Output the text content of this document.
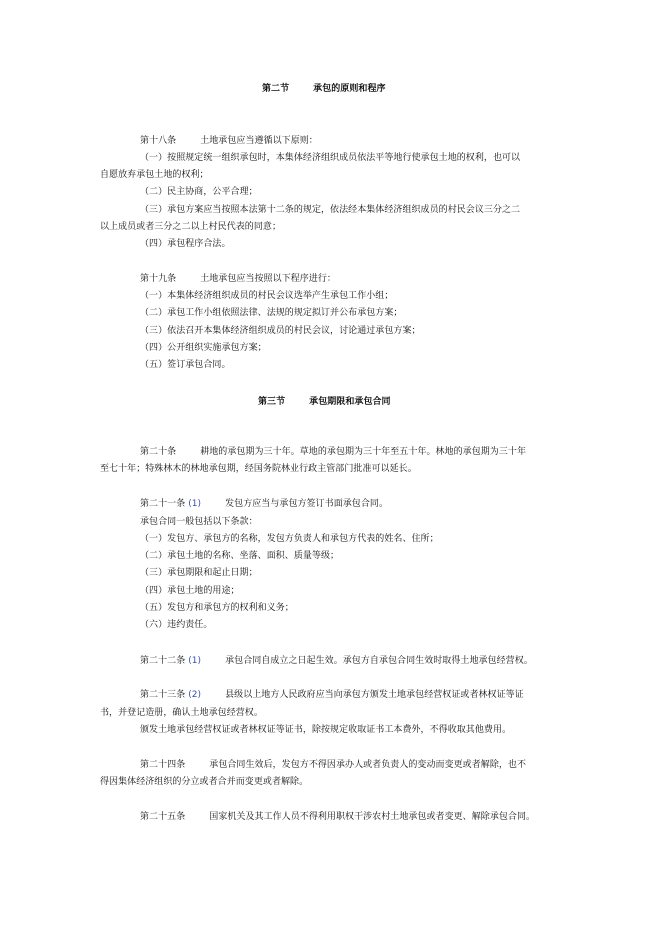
第二节	承包的原则和程序
第十八条	土地承包应当遵循以下原则：
（一）按照规定统一组织承包时，本集体经济组织成员依法平等地行使承包土地的权利，也可以
自愿放弃承包土地的权利；
（二）民主协商，公平合理；
（三）承包方案应当按照本法第十二条的规定，依法经本集体经济组织成员的村民会议三分之二
以上成员或者三分之二以上村民代表的同意；
（四）承包程序合法。
第十九条	土地承包应当按照以下程序进行：
（一）本集体经济组织成员的村民会议选举产生承包工作小组；
（二）承包工作小组依照法律、法规的规定拟订并公布承包方案；
（三）依法召开本集体经济组织成员的村民会议，讨论通过承包方案；
（四）公开组织实施承包方案；
（五）签订承包合同。
第三节	承包期限和承包合同
第二十条	耕地的承包期为三十年。草地的承包期为三十年至五十年。林地的承包期为三十年
至七十年；特殊林木的林地承包期，经国务院林业行政主管部门批准可以延长。
第二十一条 (1)	发包方应当与承包方签订书面承包合同。
承包合同一般包括以下条款：
（一）发包方、承包方的名称，发包方负责人和承包方代表的姓名、住所；
（二）承包土地的名称、坐落、面积、质量等级；
（三）承包期限和起止日期；
（四）承包土地的用途；
（五）发包方和承包方的权利和义务；
（六）违约责任。
第二十二条 (1)	承包合同自成立之日起生效。承包方自承包合同生效时取得土地承包经营权。
第二十三条 (2)	县级以上地方人民政府应当向承包方颁发土地承包经营权证或者林权证等证
书，并登记造册，确认土地承包经营权。
颁发土地承包经营权证或者林权证等证书，除按规定收取证书工本费外，不得收取其他费用。
第二十四条	承包合同生效后，发包方不得因承办人或者负责人的变动而变更或者解除，也不
得因集体经济组织的分立或者合并而变更或者解除。
第二十五条	国家机关及其工作人员不得利用职权干涉农村土地承包或者变更、解除承包合同。
